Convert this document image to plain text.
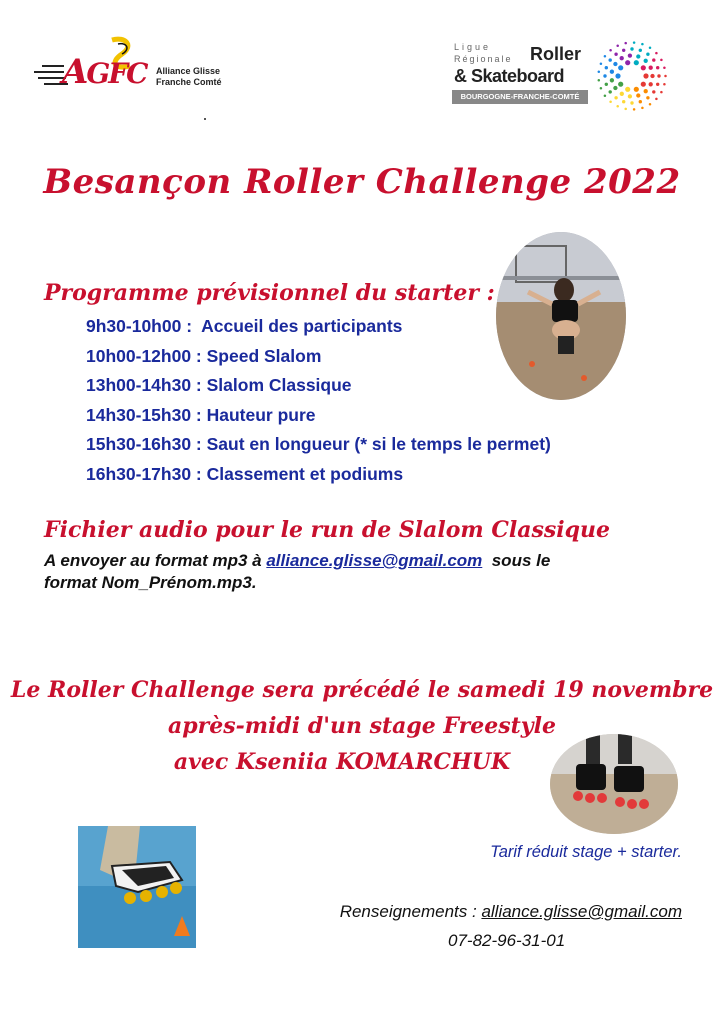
AGFC Alliance Glisse
Franche Comté
Ligue
Régionale Roller
& Skateboard
BOURGOGNE-FRANCHE-COMTÉ
Besançon Roller Challenge 2022
Programme prévisionnel du starter :
9h30-10h00 :  Accueil des participants
10h00-12h00 : Speed Slalom
13h00-14h30 : Slalom Classique
14h30-15h30 : Hauteur pure
15h30-16h30 : Saut en longueur (* si le temps le permet)
16h30-17h30 : Classement et podiums
Fichier audio pour le run de Slalom Classique
A envoyer au format mp3 à alliance.glisse@gmail.com  sous le
format Nom_Prénom.mp3.
Le Roller Challenge sera précédé le samedi 19 novembre
après-midi d'un stage Freestyle
avec Kseniia KOMARCHUK
Tarif réduit stage + starter.
Renseignements : alliance.glisse@gmail.com
07-82-96-31-01
